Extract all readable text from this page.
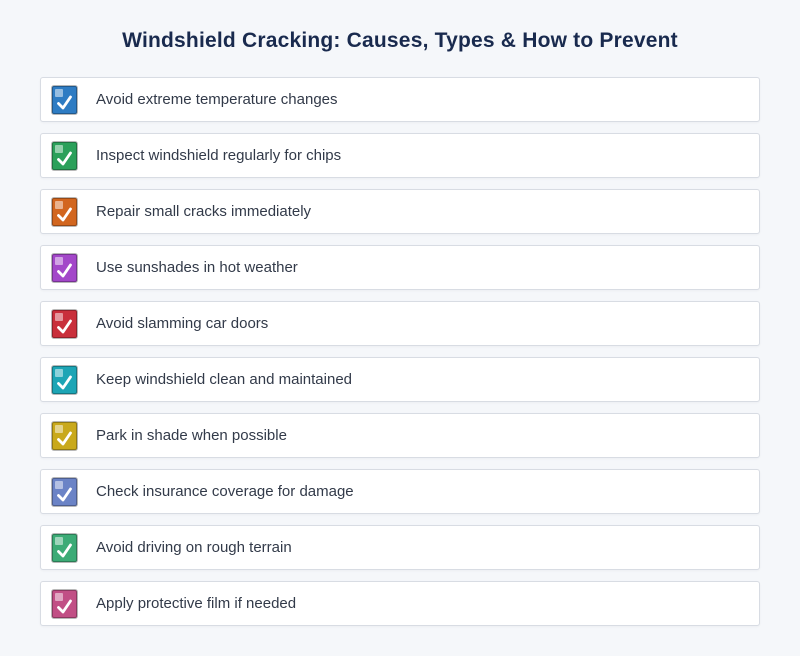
Windshield Cracking: Causes, Types & How to Prevent
Avoid extreme temperature changes
Inspect windshield regularly for chips
Repair small cracks immediately
Use sunshades in hot weather
Avoid slamming car doors
Keep windshield clean and maintained
Park in shade when possible
Check insurance coverage for damage
Avoid driving on rough terrain
Apply protective film if needed
